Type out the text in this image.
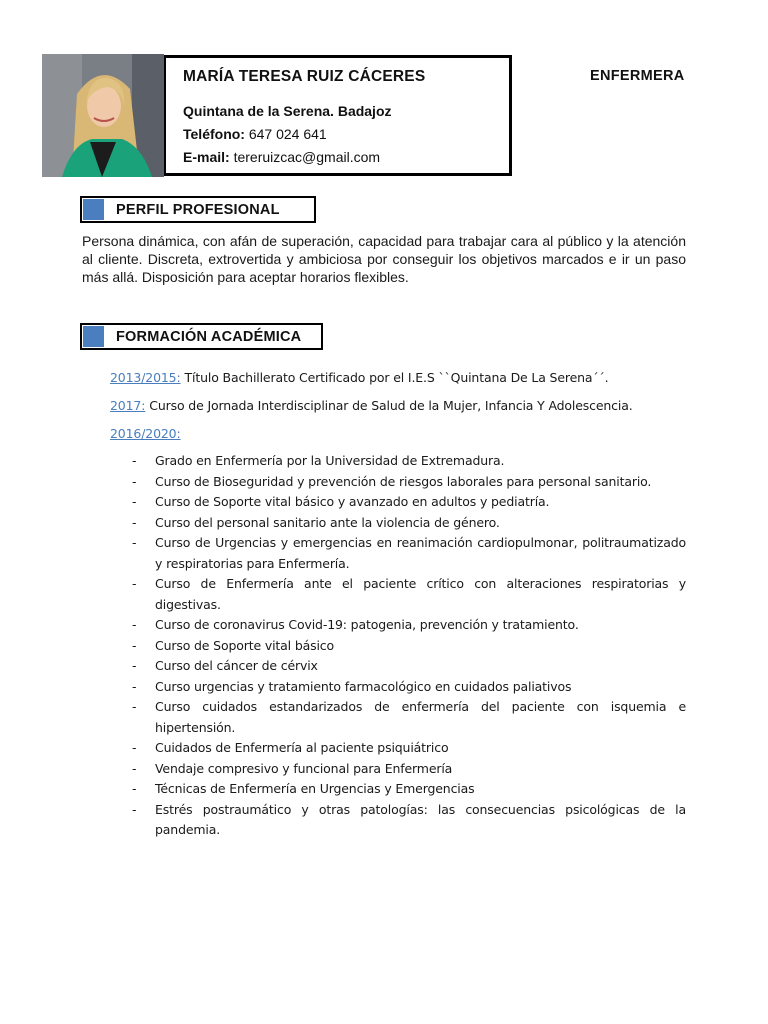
MARÍA TERESA RUIZ CÁCERES
Quintana de la Serena. Badajoz
Teléfono: 647 024 641
E-mail: tereruizcac@gmail.com
ENFERMERA
PERFIL PROFESIONAL
Persona dinámica, con afán de superación, capacidad para trabajar cara al público y la atención al cliente. Discreta, extrovertida y ambiciosa por conseguir los objetivos marcados e ir un paso más allá. Disposición para aceptar horarios flexibles.
FORMACIÓN ACADÉMICA
2013/2015: Título Bachillerato Certificado por el I.E.S ``Quintana De La Serena´´.
2017: Curso de Jornada Interdisciplinar de Salud de la Mujer, Infancia Y Adolescencia.
2016/2020:
- Grado en Enfermería por la Universidad de Extremadura.
- Curso de Bioseguridad y prevención de riesgos laborales para personal sanitario.
- Curso de Soporte vital básico y avanzado en adultos y pediatría.
- Curso del personal sanitario ante la violencia de género.
- Curso de Urgencias y emergencias en reanimación cardiopulmonar, politraumatizado y respiratorias para Enfermería.
- Curso de Enfermería ante el paciente crítico con alteraciones respiratorias y digestivas.
- Curso de coronavirus Covid-19: patogenia, prevención y tratamiento.
- Curso de Soporte vital básico
- Curso del cáncer de cérvix
- Curso urgencias y tratamiento farmacológico en cuidados paliativos
- Curso cuidados estandarizados de enfermería del paciente con isquemia e hipertensión.
- Cuidados de Enfermería al paciente psiquiátrico
- Vendaje compresivo y funcional para Enfermería
- Técnicas de Enfermería en Urgencias y Emergencias
- Estrés postraumático y otras patologías: las consecuencias psicológicas de la pandemia.
